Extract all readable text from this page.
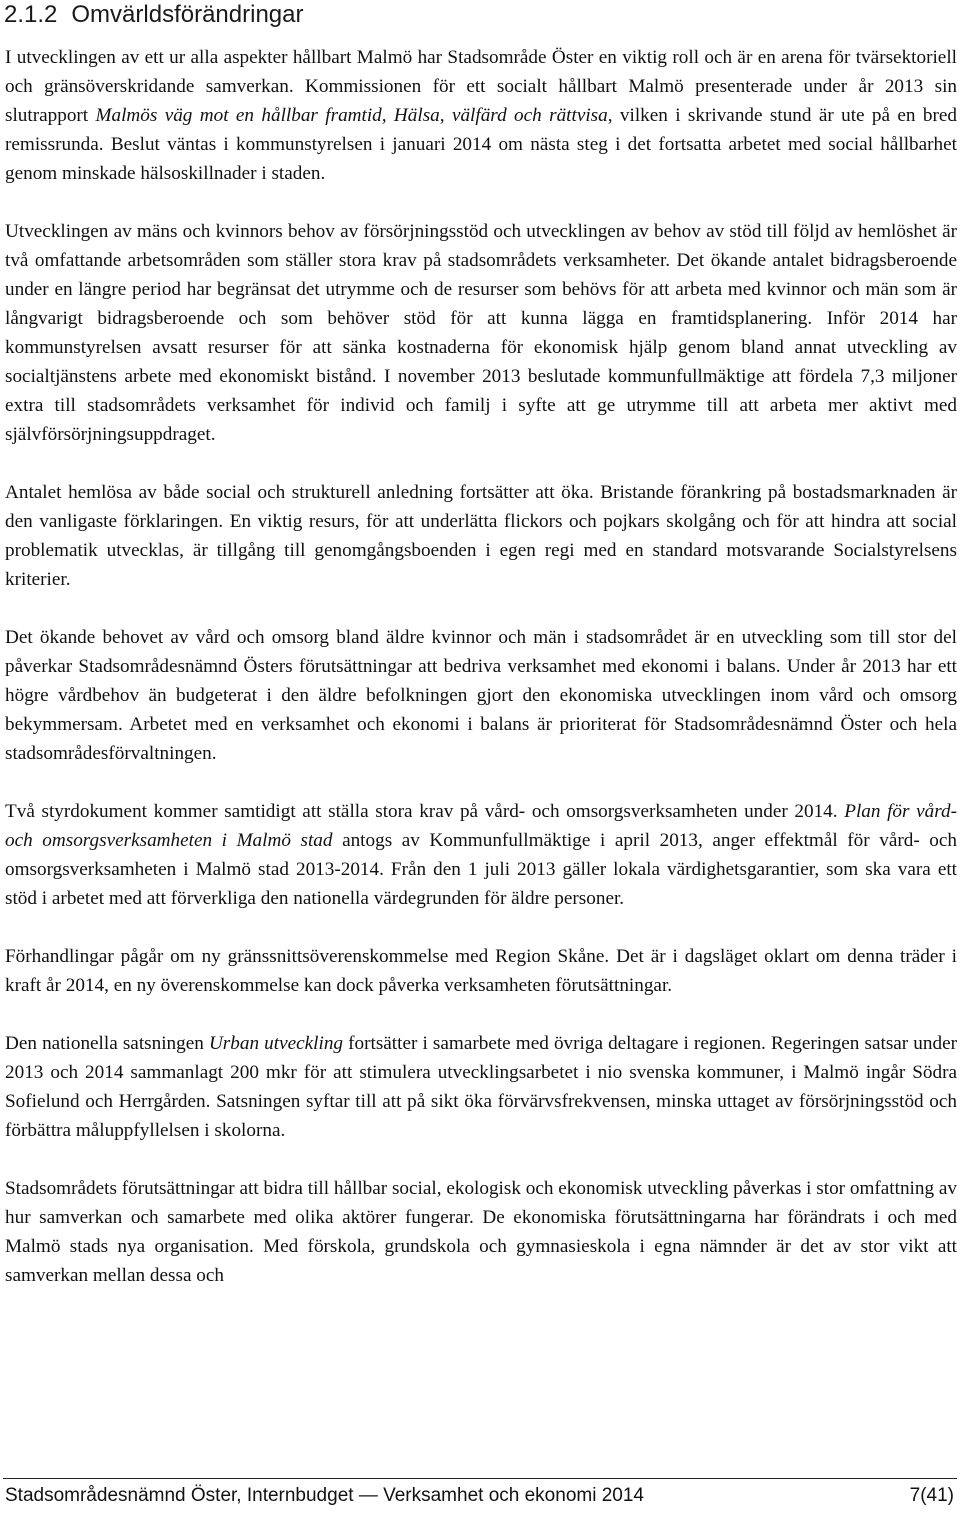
2.1.2 Omvärldsförändringar

I utvecklingen av ett ur alla aspekter hållbart Malmö har Stadsområde Öster en viktig roll och är en arena för tvärsektoriell och gränsöverskridande samverkan. Kommissionen för ett socialt hållbart Malmö presenterade under år 2013 sin slutrapport Malmös väg mot en hållbar framtid, Hälsa, välfärd och rättvisa, vilken i skrivande stund är ute på en bred remissrunda. Beslut väntas i kommunstyrelsen i januari 2014 om nästa steg i det fortsatta arbetet med social hållbarhet genom minskade hälsoskillnader i staden.

Utvecklingen av mäns och kvinnors behov av försörjningsstöd och utvecklingen av behov av stöd till följd av hemlöshet är två omfattande arbetsområden som ställer stora krav på stadsområdets verksamheter. Det ökande antalet bidragsberoende under en längre period har begränsat det utrymme och de resurser som behövs för att arbeta med kvinnor och män som är långvarigt bidragsberoende och som behöver stöd för att kunna lägga en framtidsplanering. Inför 2014 har kommunstyrelsen avsatt resurser för att sänka kostnaderna för ekonomisk hjälp genom bland annat utveckling av socialtjänstens arbete med ekonomiskt bistånd. I november 2013 beslutade kommunfullmäktige att fördela 7,3 miljoner extra till stadsområdets verksamhet för individ och familj i syfte att ge utrymme till att arbeta mer aktivt med självförsörjningsuppdraget.

Antalet hemlösa av både social och strukturell anledning fortsätter att öka. Bristande förankring på bostadsmarknaden är den vanligaste förklaringen. En viktig resurs, för att underlätta flickors och pojkars skolgång och för att hindra att social problematik utvecklas, är tillgång till genomgångsboenden i egen regi med en standard motsvarande Socialstyrelsens kriterier.

Det ökande behovet av vård och omsorg bland äldre kvinnor och män i stadsområdet är en utveckling som till stor del påverkar Stadsområdesnämnd Östers förutsättningar att bedriva verksamhet med ekonomi i balans. Under år 2013 har ett högre vårdbehov än budgeterat i den äldre befolkningen gjort den ekonomiska utvecklingen inom vård och omsorg bekymmersam. Arbetet med en verksamhet och ekonomi i balans är prioriterat för Stadsområdesnämnd Öster och hela stadsområdesförvaltningen.

Två styrdokument kommer samtidigt att ställa stora krav på vård- och omsorgsverksamheten under 2014. Plan för vård- och omsorgsverksamheten i Malmö stad antogs av Kommunfullmäktige i april 2013, anger effektmål för vård- och omsorgsverksamheten i Malmö stad 2013-2014. Från den 1 juli 2013 gäller lokala värdighetsgarantier, som ska vara ett stöd i arbetet med att förverkliga den nationella värdegrunden för äldre personer.

Förhandlingar pågår om ny gränssnittsöverenskommelse med Region Skåne. Det är i dagsläget oklart om denna träder i kraft år 2014, en ny överenskommelse kan dock påverka verksamheten förutsättningar.

Den nationella satsningen Urban utveckling fortsätter i samarbete med övriga deltagare i regionen. Regeringen satsar under 2013 och 2014 sammanlagt 200 mkr för att stimulera utvecklingsarbetet i nio svenska kommuner, i Malmö ingår Södra Sofielund och Herrgården. Satsningen syftar till att på sikt öka förvärvsfrekvensen, minska uttaget av försörjningsstöd och förbättra måluppfyllelsen i skolorna.

Stadsområdets förutsättningar att bidra till hållbar social, ekologisk och ekonomisk utveckling påverkas i stor omfattning av hur samverkan och samarbete med olika aktörer fungerar. De ekonomiska förutsättningarna har förändrats i och med Malmö stads nya organisation. Med förskola, grundskola och gymnasieskola i egna nämnder är det av stor vikt att samverkan mellan dessa och

Stadsområdesnämnd Öster, Internbudget — Verksamhet och ekonomi 2014	7(41)
